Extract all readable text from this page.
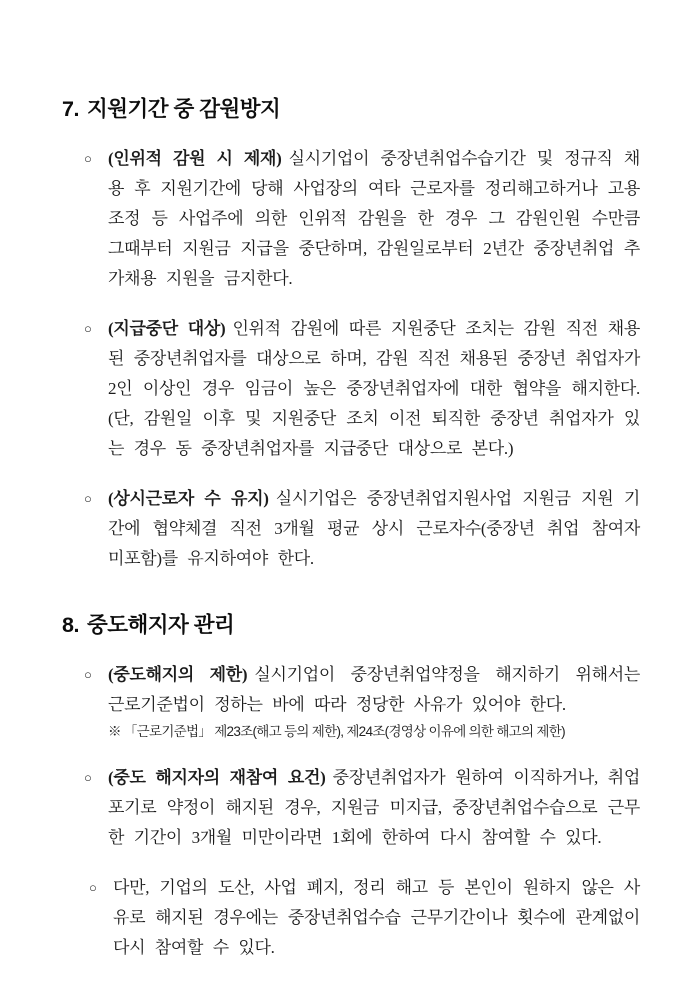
7. 지원기간 중 감원방지
○ (인위적 감원 시 제재) 실시기업이 중장년취업수습기간 및 정규직 채용 후 지원기간에 당해 사업장의 여타 근로자를 정리해고하거나 고용조정 등 사업주에 의한 인위적 감원을 한 경우 그 감원인원 수만큼 그때부터 지원금 지급을 중단하며, 감원일로부터 2년간 중장년취업 추가채용 지원을 금지한다.
○ (지급중단 대상) 인위적 감원에 따른 지원중단 조치는 감원 직전 채용된 중장년취업자를 대상으로 하며, 감원 직전 채용된 중장년 취업자가 2인 이상인 경우 임금이 높은 중장년취업자에 대한 협약을 해지한다.(단, 감원일 이후 및 지원중단 조치 이전 퇴직한 중장년 취업자가 있는 경우 동 중장년취업자를 지급중단 대상으로 본다.)
○ (상시근로자 수 유지) 실시기업은 중장년취업지원사업 지원금 지원 기간에 협약체결 직전 3개월 평균 상시 근로자수(중장년 취업 참여자 미포함)를 유지하여야 한다.
8. 중도해지자 관리
○ (중도해지의 제한) 실시기업이 중장년취업약정을 해지하기 위해서는 근로기준법이 정하는 바에 따라 정당한 사유가 있어야 한다.
※ 「근로기준법」 제23조(해고 등의 제한), 제24조(경영상 이유에 의한 해고의 제한)
○ (중도 해지자의 재참여 요건) 중장년취업자가 원하여 이직하거나, 취업포기로 약정이 해지된 경우, 지원금 미지급, 중장년취업수습으로 근무한 기간이 3개월 미만이라면 1회에 한하여 다시 참여할 수 있다.
○ 다만, 기업의 도산, 사업 폐지, 정리 해고 등 본인이 원하지 않은 사유로 해지된 경우에는 중장년취업수습 근무기간이나 횟수에 관계없이 다시 참여할 수 있다.
